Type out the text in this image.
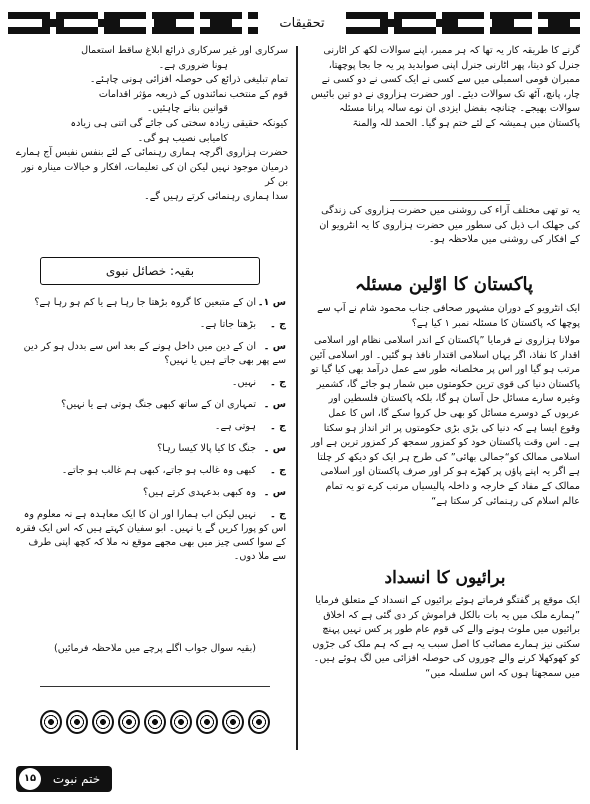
تحقیقات

گرنے کا طریقہ کار یہ تھا کہ ہر ممبر، اپنے سوالات لکھ کر اٹارنی جنرل کو دیتا، پھر اٹارنی جنرل اپنی صوابدید پر یہ جا بجا پوچھتا، ممبران قومی اسمبلی میں سے کسی نے ایک کسی نے دو کسی نے چار، پانچ، آٹھ تک سوالات دیئے۔ اور حضرت ہزاروی نے دو تین بائیس سوالات بھیجے۔ چنانچہ بفضل ایزدی ان نوے سالہ پرانا مسئلہ پاکستان میں ہمیشہ کے لئے ختم ہو گیا۔ الحمد للہ والمنۃ

یہ تو تھی مختلف آراء کی روشنی میں حضرت ہزاروی کی زندگی کی جھلک اب ذیل کی سطور میں حضرت ہزاروی کا یہ انٹرویو ان کے افکار کی روشنی میں ملاحظہ ہو۔

پاکستان کا اوّلین مسئلہ

ایک انٹرویو کے دوران مشہور صحافی جناب محمود شام نے آپ سے پوچھا کہ پاکستان کا مسئلہ نمبر ۱ کیا ہے؟

مولانا ہزاروی نے فرمایا ”پاکستان کے اندر اسلامی نظام اور اسلامی اقدار کا نفاذ، اگر یہاں اسلامی اقتدار نافذ ہو گئیں۔ اور اسلامی آئین مرتب ہو گیا اور اس پر مخلصانہ طور سے عمل درآمد بھی کیا گیا تو پاکستان دنیا کی قوی ترین حکومتوں میں شمار ہو جائے گا، کشمیر وغیرہ سارے مسائل حل آسان ہو گا، بلکہ پاکستان فلسطین اور عربوں کے دوسرے مسائل کو بھی حل کروا سکے گا، اس کا عمل وقوع ایسا ہے کہ دنیا کی بڑی بڑی حکومتوں پر اثر انداز ہو سکتا ہے۔ اس وقت پاکستان خود کو کمزور سمجھ کر کمزور ترین ہے اور اسلامی ممالک کو“جمالی بھائی” کی طرح ہر ایک کو دیکھ کر چلتا ہے اگر یہ اپنے پاؤں پر کھڑے ہو کر اور صرف پاکستان اور اسلامی ممالک کے مفاد کے خارجہ و داخلہ پالیسیاں مرتب کرے تو یہ تمام عالم اسلام کی رہنمائی کر سکتا ہے“

برائیوں کا انسداد

ایک موقع پر گفتگو فرماتے ہوئے برائیوں کے انسداد کے متعلق فرمایا ”ہمارے ملک میں یہ بات بالکل فراموش کر دی گئی ہے کہ اخلاق برائیوں میں ملوث ہونے والے کی قوم عام طور پر کس نہیں پہنچ سکتی نیز ہمارے مصائب کا اصل سبب یہ ہے کہ ہم ملک کی جڑوں کو کھوکھلا کرنے والے چوروں کی حوصلہ افزائی میں لگ ہوئے ہیں۔ میں سمجھتا ہوں کہ اس سلسلہ میں“

سرکاری اور غیر سرکاری ذرائع ابلاغ ساقط استعمال
ہونا ضروری ہے۔
تمام تبلیغی ذرائع کی حوصلہ افزائی ہونی چاہئے۔
قوم کے منتخب نمائندوں کے ذریعہ مؤثر اقدامات
قوانین بنانے چاہئیں۔
کیونکہ حقیقی زیادہ سختی کی جائے گی اتنی ہی زیادہ
کامیابی نصیب ہو گی۔
حضرت ہزاروی اگرچہ ہماری رہنمائی کے لئے بنفس نفیس آج ہمارے
درمیان موجود نہیں لیکن ان کی تعلیمات، افکار و خیالات مینارہ نور بن کر
سدا ہماری رہنمائی کرتے رہیں گے۔
بقیہ: خصائل نبوی
س ۱۔ان کے متبعین کا گروہ بڑھتا جا رہا ہے یا کم ہو رہا ہے؟
ج ۔بڑھتا جاتا ہے۔
س ۔ان کے دین میں داخل ہونے کے بعد اس سے بددل ہو کر دین سے پھر بھی جاتے ہیں یا نہیں؟
ج ۔نہیں۔
س ۔تمہاری ان کے ساتھ کبھی جنگ ہوتی ہے یا نہیں؟
ج ۔ہوتی ہے۔
س ۔جنگ کا کیا پالا کیسا رہا؟
ج ۔کبھی وہ غالب ہو جاتے، کبھی ہم غالب ہو جاتے۔
س ۔وہ کبھی بدعہدی کرتے ہیں؟
ج ۔نہیں لیکن اب ہمارا اور ان کا ایک معاہدہ ہے نہ معلوم وہ اس کو پورا کریں گے یا نہیں۔ ابو سفیان کہتے ہیں کہ اس ایک فقرہ کے سوا کسی چیز میں بھی مجھے موقع نہ ملا کہ کچھ اپنی طرف سے ملا دوں۔
(بقیہ سوال جواب اگلے پرچے میں ملاحظہ فرمائیں)
۱۵	ختم نبوت
